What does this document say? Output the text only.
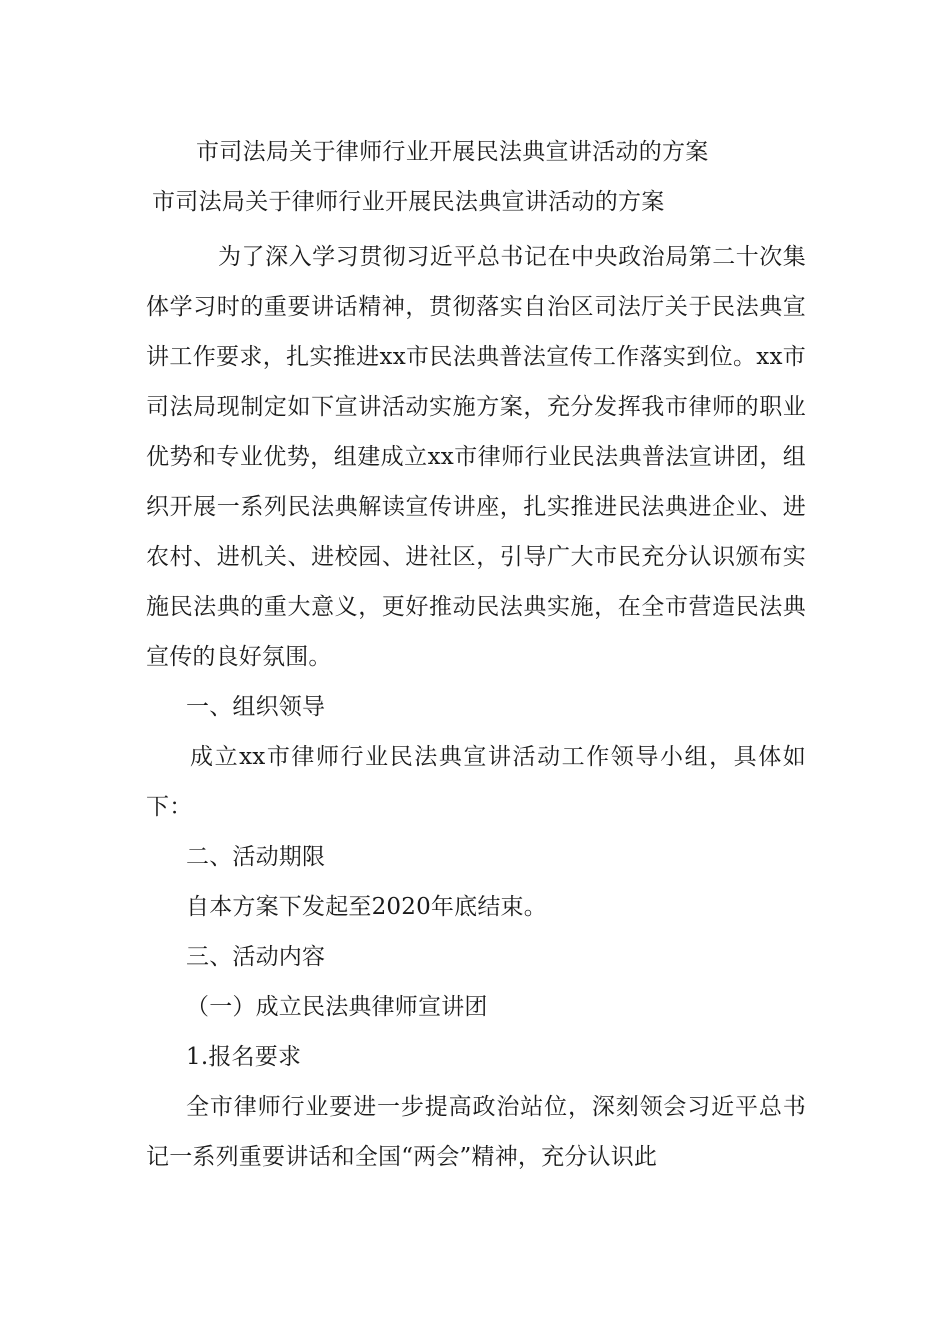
市司法局关于律师行业开展民法典宣讲活动的方案
市司法局关于律师行业开展民法典宣讲活动的方案

为了深入学习贯彻习近平总书记在中央政治局第二十次集体学习时的重要讲话精神，贯彻落实自治区司法厅关于民法典宣讲工作要求，扎实推进xx市民法典普法宣传工作落实到位。xx市司法局现制定如下宣讲活动实施方案，充分发挥我市律师的职业优势和专业优势，组建成立xx市律师行业民法典普法宣讲团，组织开展一系列民法典解读宣传讲座，扎实推进民法典进企业、进农村、进机关、进校园、进社区，引导广大市民充分认识颁布实施民法典的重大意义，更好推动民法典实施，在全市营造民法典宣传的良好氛围。

一、组织领导

成立xx市律师行业民法典宣讲活动工作领导小组，具体如下：

二、活动期限

自本方案下发起至2020年底结束。

三、活动内容

（一）成立民法典律师宣讲团

1.报名要求

全市律师行业要进一步提高政治站位，深刻领会习近平总书记一系列重要讲话和全国“两会”精神，充分认识此
